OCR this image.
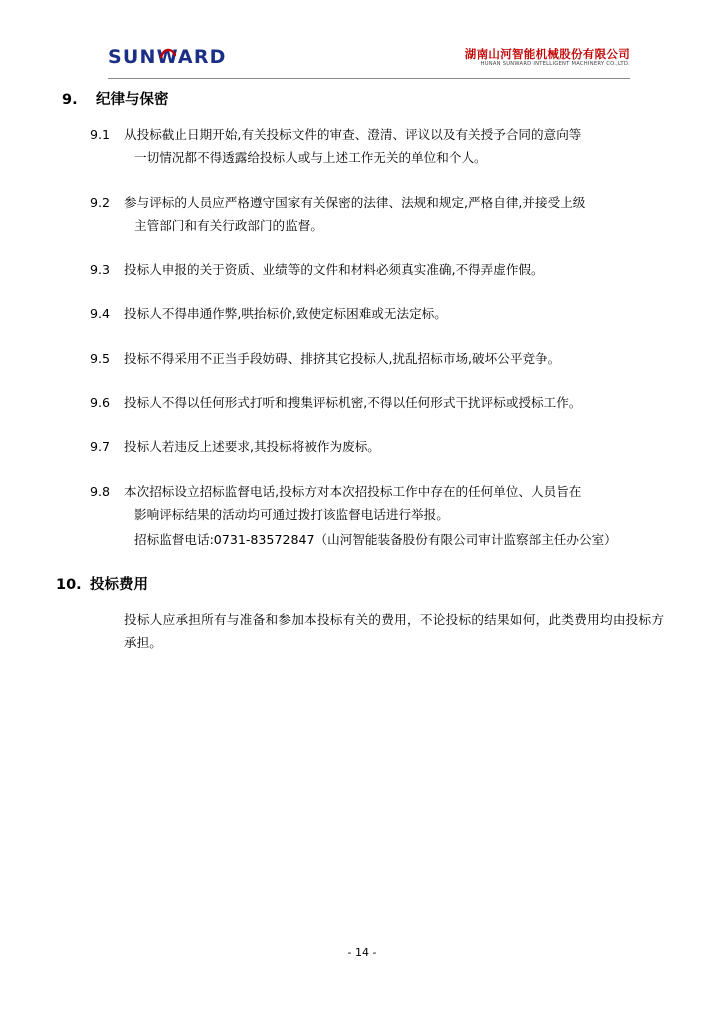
SUNWARD	湖南山河智能机械股份有限公司
HUNAN SUNWARD INTELLIGENT MACHINERY CO.,LTD.
9.	纪律与保密
9.1	从投标截止日期开始,有关投标文件的审查、澄清、评议以及有关授予合同的意向等

一切情况都不得透露给投标人或与上述工作无关的单位和个人。

9.2	参与评标的人员应严格遵守国家有关保密的法律、法规和规定,严格自律,并接受上级

主管部门和有关行政部门的监督。

9.3	投标人申报的关于资质、业绩等的文件和材料必须真实准确,不得弄虚作假。

9.4	投标人不得串通作弊,哄抬标价,致使定标困难或无法定标。

9.5	投标不得采用不正当手段妨碍、排挤其它投标人,扰乱招标市场,破坏公平竞争。

9.6	投标人不得以任何形式打听和搜集评标机密,不得以任何形式干扰评标或授标工作。

9.7	投标人若违反上述要求,其投标将被作为废标。

9.8	本次招标设立招标监督电话,投标方对本次招投标工作中存在的任何单位、人员旨在

影响评标结果的活动均可通过拨打该监督电话进行举报。

招标监督电话:0731-83572847（山河智能装备股份有限公司审计监察部主任办公室）

10. 投标费用
投标人应承担所有与准备和参加本投标有关的费用，不论投标的结果如何，此类费用均由投标方承担。
- 14 -
